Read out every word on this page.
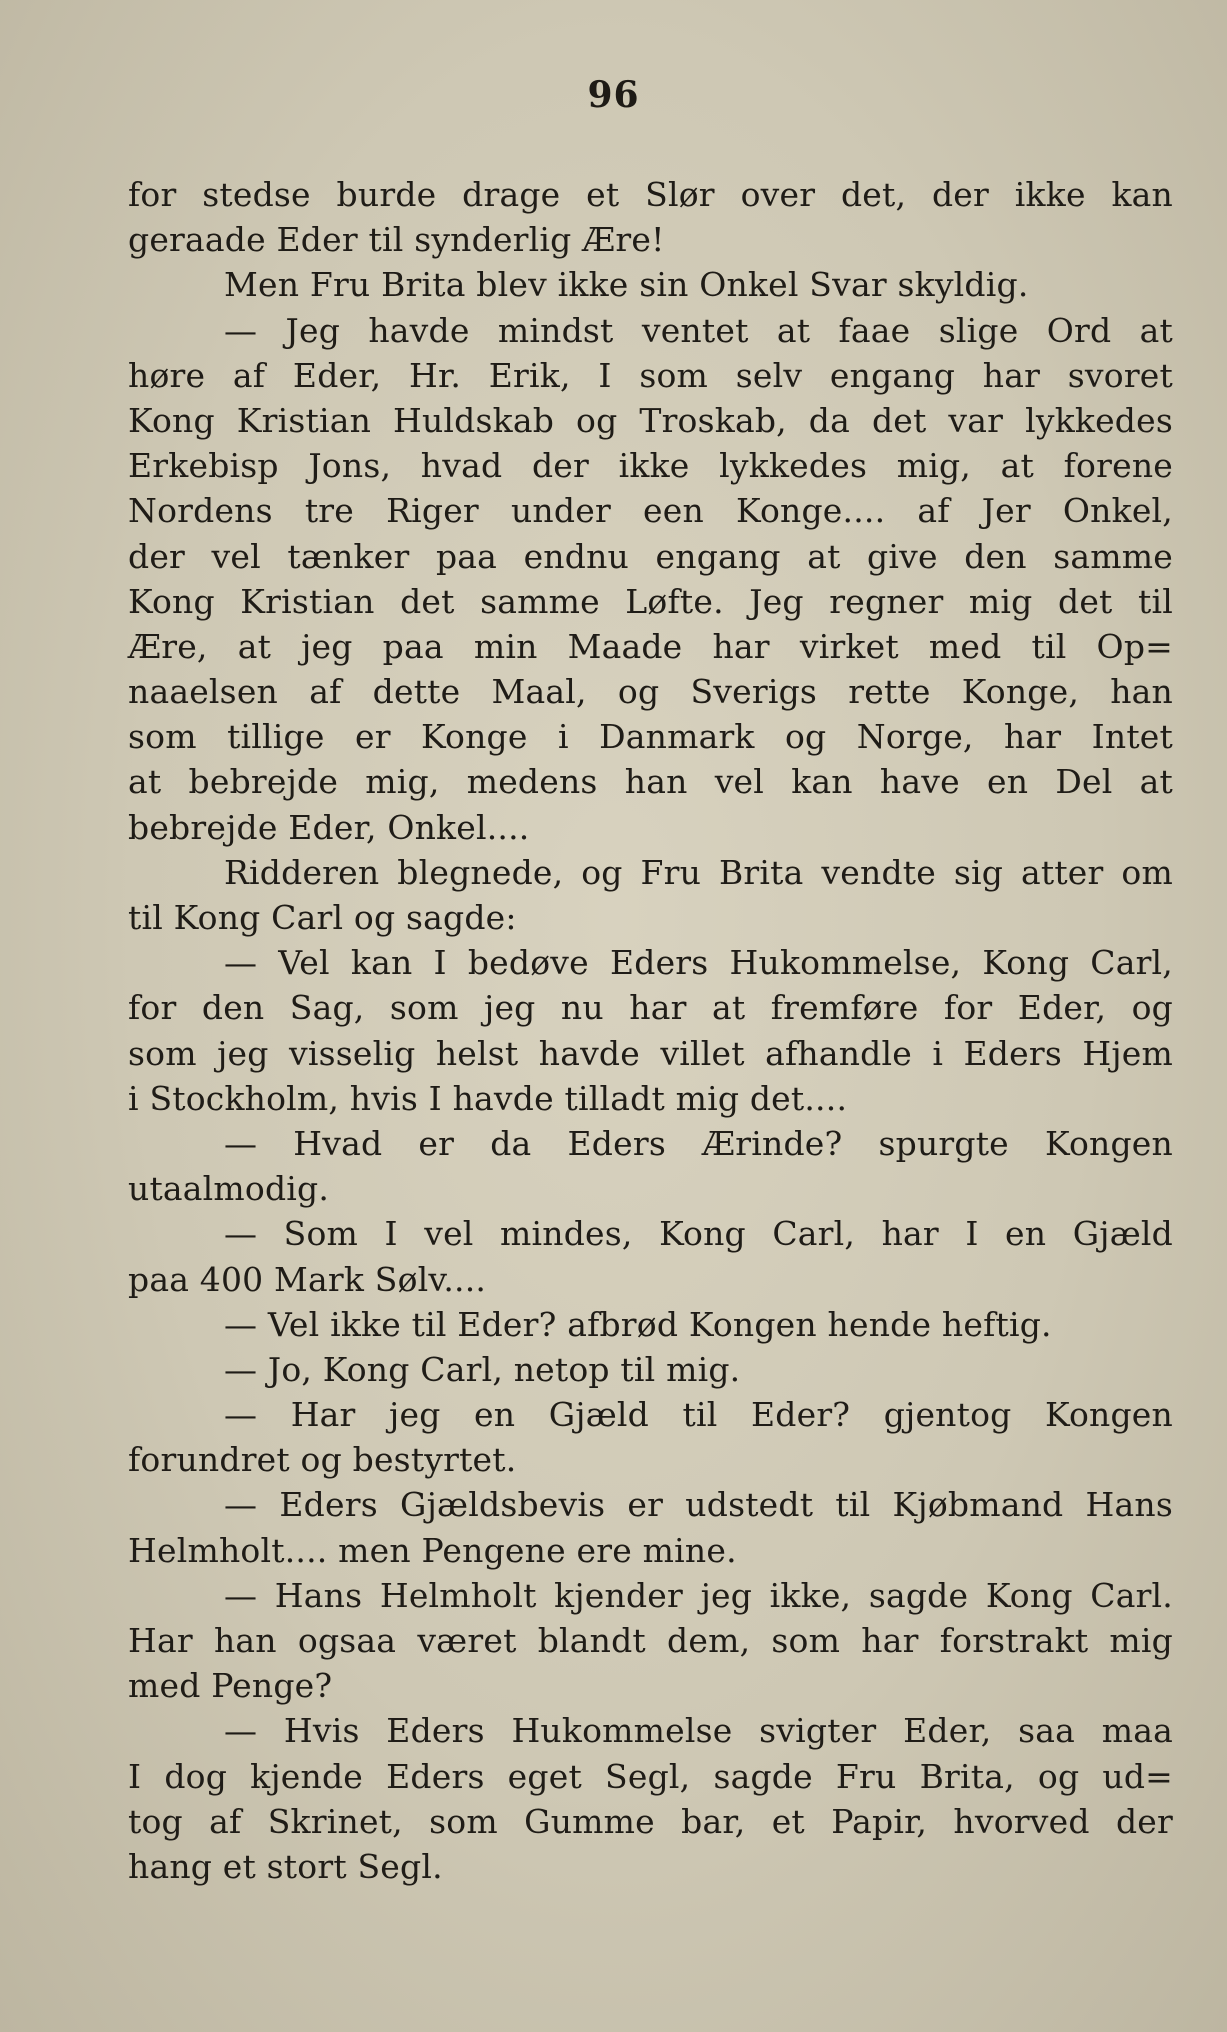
96
for stedse burde drage et Slør over det, der ikke kan
geraade Eder til synderlig Ære!
Men Fru Brita blev ikke sin Onkel Svar skyldig.
— Jeg havde mindst ventet at faae slige Ord at
høre af Eder, Hr. Erik, I som selv engang har svoret
Kong Kristian Huldskab og Troskab, da det var lykkedes
Erkebisp Jons, hvad der ikke lykkedes mig, at forene
Nordens tre Riger under een Konge.... af Jer Onkel,
der vel tænker paa endnu engang at give den samme
Kong Kristian det samme Løfte. Jeg regner mig det til
Ære, at jeg paa min Maade har virket med til Op=
naaelsen af dette Maal, og Sverigs rette Konge, han
som tillige er Konge i Danmark og Norge, har Intet
at bebrejde mig, medens han vel kan have en Del at
bebrejde Eder, Onkel....
Ridderen blegnede, og Fru Brita vendte sig atter om
til Kong Carl og sagde:
— Vel kan I bedøve Eders Hukommelse, Kong Carl,
for den Sag, som jeg nu har at fremføre for Eder, og
som jeg visselig helst havde villet afhandle i Eders Hjem
i Stockholm, hvis I havde tilladt mig det....
— Hvad er da Eders Ærinde? spurgte Kongen
utaalmodig.
— Som I vel mindes, Kong Carl, har I en Gjæld
paa 400 Mark Sølv....
— Vel ikke til Eder? afbrød Kongen hende heftig.
— Jo, Kong Carl, netop til mig.
— Har jeg en Gjæld til Eder? gjentog Kongen
forundret og bestyrtet.
— Eders Gjældsbevis er udstedt til Kjøbmand Hans
Helmholt.... men Pengene ere mine.
— Hans Helmholt kjender jeg ikke, sagde Kong Carl.
Har han ogsaa været blandt dem, som har forstrakt mig
med Penge?
— Hvis Eders Hukommelse svigter Eder, saa maa
I dog kjende Eders eget Segl, sagde Fru Brita, og ud=
tog af Skrinet, som Gumme bar, et Papir, hvorved der
hang et stort Segl.
